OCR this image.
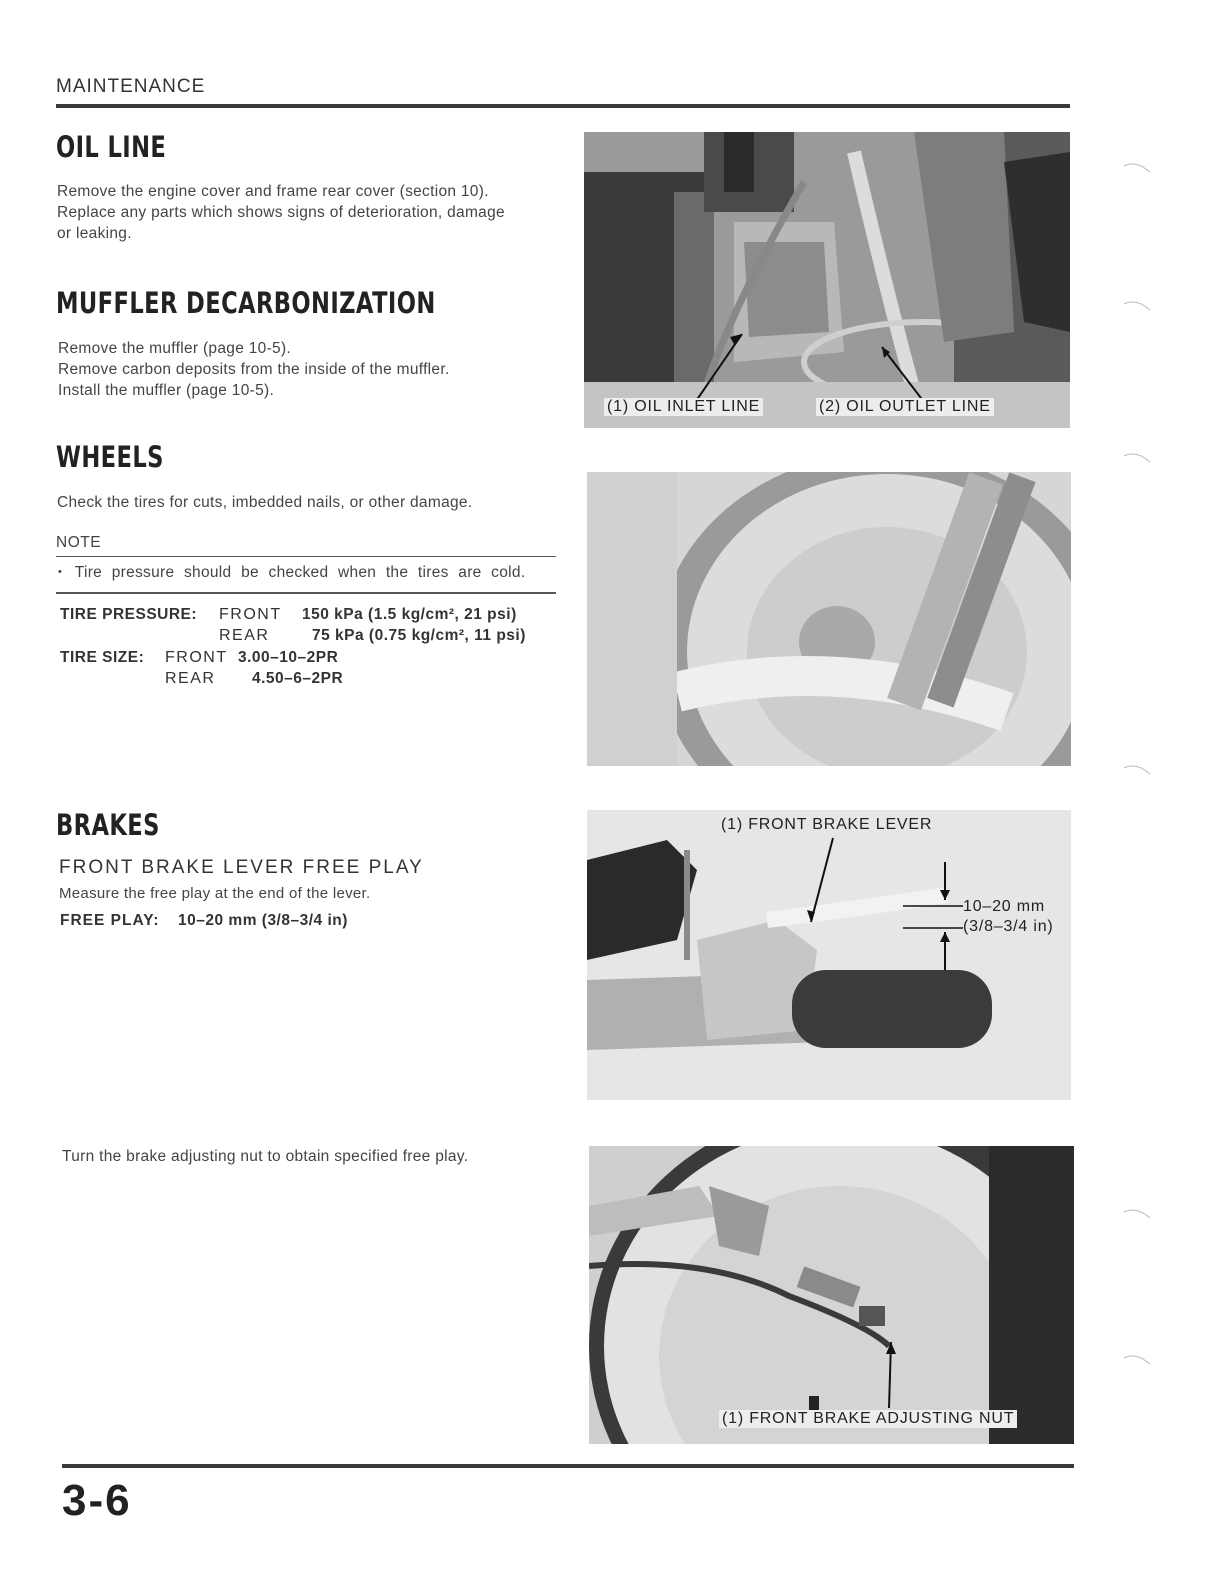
MAINTENANCE
OIL LINE
Remove the engine cover and frame rear cover (section 10).
Replace any parts which shows signs of deterioration, damage
or leaking.
MUFFLER DECARBONIZATION
Remove the muffler (page 10-5).
Remove carbon deposits from the inside of the muffler.
Install the muffler (page 10-5).
WHEELS
Check the tires for cuts, imbedded nails, or other damage.
NOTE
• Tire pressure should be checked when the tires are cold.
TIRE PRESSURE: FRONT 150 kPa (1.5 kg/cm², 21 psi)
REAR	75 kPa (0.75 kg/cm², 11 psi)
TIRE SIZE: FRONT 3.00–10–2PR
REAR 4.50–6–2PR
BRAKES
FRONT BRAKE LEVER FREE PLAY
Measure the free play at the end of the lever.
FREE PLAY: 10–20 mm (3/8–3/4 in)
Turn the brake adjusting nut to obtain specified free play.
(1) OIL INLET LINE	(2) OIL OUTLET LINE
(1) FRONT BRAKE LEVER
10–20 mm
(3/8–3/4 in)
(1) FRONT BRAKE ADJUSTING NUT
3-6
